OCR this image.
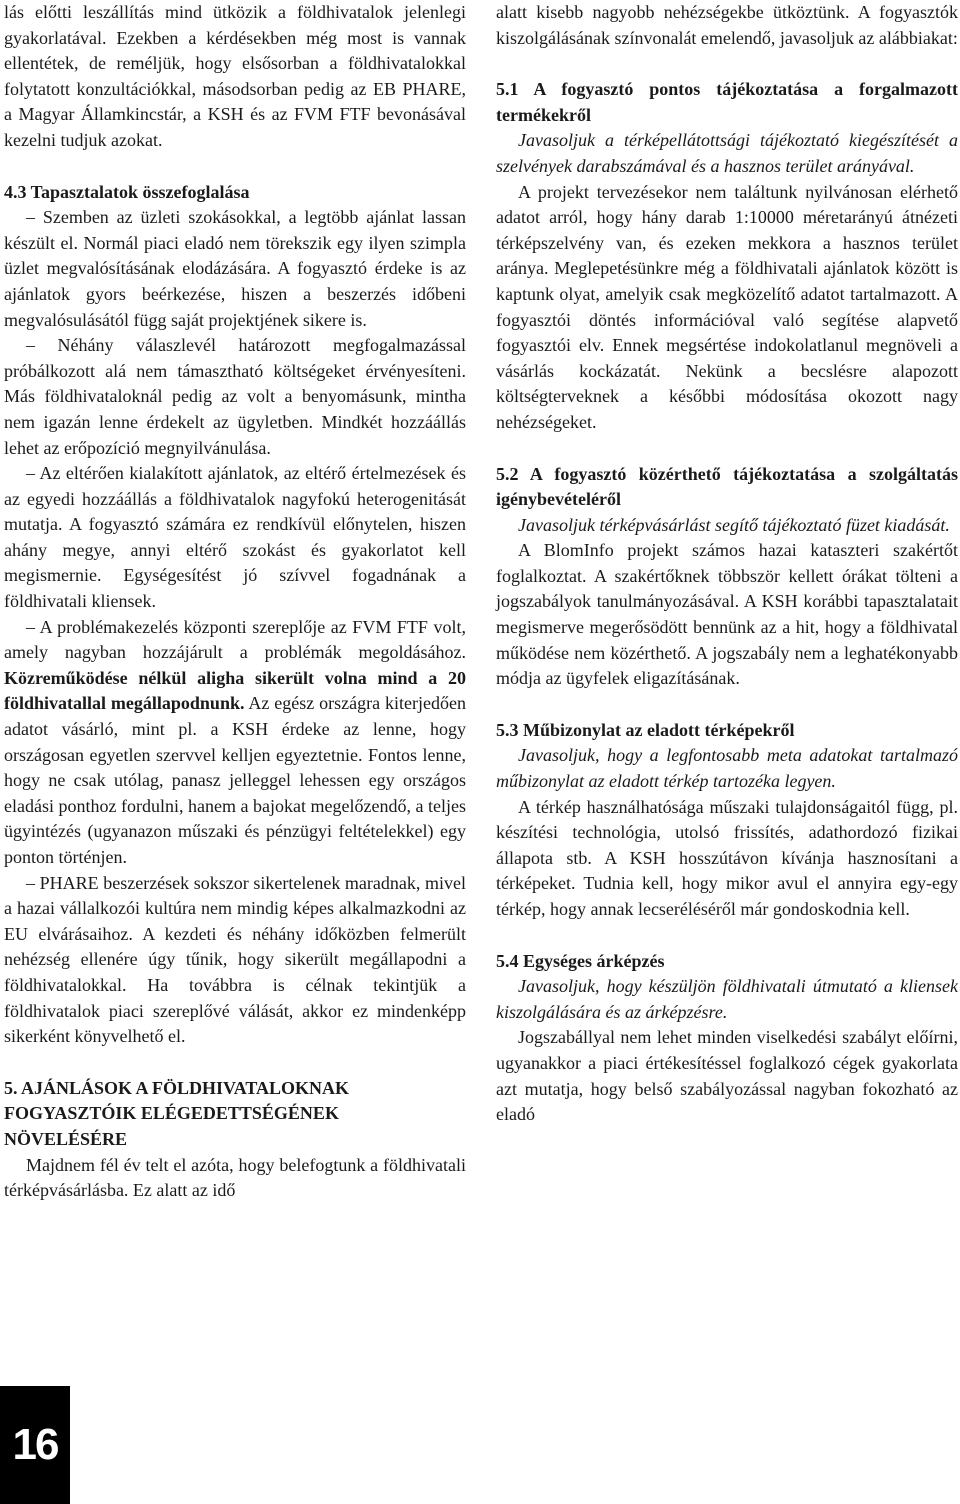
lás előtti leszállítás mind ütközik a földhivatalok jelenlegi gyakorlatával. Ezekben a kérdésekben még most is vannak ellentétek, de reméljük, hogy elsősorban a földhivatalokkal folytatott konzultációkkal, másodsorban pedig az EB PHARE, a Magyar Államkincstár, a KSH és az FVM FTF bevonásával kezelni tudjuk azokat.

4.3 Tapasztalatok összefoglalása

– Szemben az üzleti szokásokkal, a legtöbb ajánlat lassan készült el. Normál piaci eladó nem törekszik egy ilyen szimpla üzlet megvalósításának elodázására. A fogyasztó érdeke is az ajánlatok gyors beérkezése, hiszen a beszerzés időbeni megvalósulásától függ saját projektjének sikere is.

– Néhány válaszlevél határozott megfogalmazással próbálkozott alá nem támasztható költségeket érvényesíteni. Más földhivataloknál pedig az volt a benyomásunk, mintha nem igazán lenne érdekelt az ügyletben. Mindkét hozzáállás lehet az erőpozíció megnyilvánulása.

– Az eltérően kialakított ajánlatok, az eltérő értelmezések és az egyedi hozzáállás a földhivatalok nagyfokú heterogenitását mutatja. A fogyasztó számára ez rendkívül előnytelen, hiszen ahány megye, annyi eltérő szokást és gyakorlatot kell megismernie. Egységesítést jó szívvel fogadnának a földhivatali kliensek.

– A problémakezelés központi szereplője az FVM FTF volt, amely nagyban hozzájárult a problémák megoldásához. Közreműködése nélkül aligha sikerült volna mind a 20 földhivatallal megállapodnunk. Az egész országra kiterjedően adatot vásárló, mint pl. a KSH érdeke az lenne, hogy országosan egyetlen szervvel kelljen egyeztetnie. Fontos lenne, hogy ne csak utólag, panasz jelleggel lehessen egy országos eladási ponthoz fordulni, hanem a bajokat megelőzendő, a teljes ügyintézés (ugyanazon műszaki és pénzügyi feltételekkel) egy ponton történjen.

– PHARE beszerzések sokszor sikertelenek maradnak, mivel a hazai vállalkozói kultúra nem mindig képes alkalmazkodni az EU elvárásaihoz. A kezdeti és néhány időközben felmerült nehézség ellenére úgy tűnik, hogy sikerült megállapodni a földhivatalokkal. Ha továbbra is célnak tekintjük a földhivatalok piaci szereplővé válását, akkor ez mindenképp sikerként könyvelhető el.

5. AJÁNLÁSOK A FÖLDHIVATALOKNAK FOGYASZTÓIK ELÉGEDETTSÉGÉNEK NÖVELÉSÉRE

Majdnem fél év telt el azóta, hogy belefogtunk a földhivatali térképvásárlásba. Ez alatt az idő

alatt kisebb nagyobb nehézségekbe ütköztünk. A fogyasztók kiszolgálásának színvonalát emelendő, javasoljuk az alábbiakat:

5.1 A fogyasztó pontos tájékoztatása a forgalmazott termékekről

Javasoljuk a térképellátottsági tájékoztató kiegészítését a szelvények darabszámával és a hasznos terület arányával.

A projekt tervezésekor nem találtunk nyilvánosan elérhető adatot arról, hogy hány darab 1:10000 méretarányú átnézeti térképszelvény van, és ezeken mekkora a hasznos terület aránya. Meglepetésünkre még a földhivatali ajánlatok között is kaptunk olyat, amelyik csak megközelítő adatot tartalmazott. A fogyasztói döntés információval való segítése alapvető fogyasztói elv. Ennek megsértése indokolatlanul megnöveli a vásárlás kockázatát. Nekünk a becslésre alapozott költségterveknek a későbbi módosítása okozott nagy nehézségeket.

5.2 A fogyasztó közérthető tájékoztatása a szolgáltatás igénybevételéről

Javasoljuk térképvásárlást segítő tájékoztató füzet kiadását.

A BlomInfo projekt számos hazai kataszteri szakértőt foglalkoztat. A szakértőknek többször kellett órákat tölteni a jogszabályok tanulmányozásával. A KSH korábbi tapasztalatait megismerve megerősödött bennünk az a hit, hogy a földhivatal működése nem közérthető. A jogszabály nem a leghatékonyabb módja az ügyfelek eligazításának.

5.3 Műbizonylat az eladott térképekről

Javasoljuk, hogy a legfontosabb meta adatokat tartalmazó műbizonylat az eladott térkép tartozéka legyen.

A térkép használhatósága műszaki tulajdonságaitól függ, pl. készítési technológia, utolsó frissítés, adathordozó fizikai állapota stb. A KSH hosszútávon kívánja hasznosítani a térképeket. Tudnia kell, hogy mikor avul el annyira egy-egy térkép, hogy annak lecseréléséről már gondoskodnia kell.

5.4 Egységes árképzés

Javasoljuk, hogy készüljön földhivatali útmutató a kliensek kiszolgálására és az árképzésre.

Jogszabállyal nem lehet minden viselkedési szabályt előírni, ugyanakkor a piaci értékesítéssel foglalkozó cégek gyakorlata azt mutatja, hogy belső szabályozással nagyban fokozható az eladó

16
